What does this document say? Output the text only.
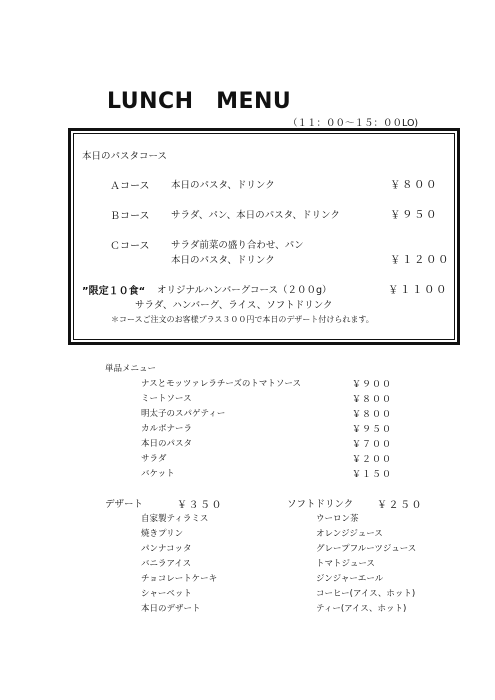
LUNCH　MENU
（１１：００～１５：００LO)
本日のパスタコース
Ａコース 本日のパスタ、ドリンク	￥８００
Ｂコース サラダ、パン、本日のパスタ、ドリンク	￥９５０
Ｃコース サラダ前菜の盛り合わせ、パン
本日のパスタ、ドリンク	￥１２００
”限定１０食“ オリジナルハンバーグコース（２００g）	￥１１００
サラダ、ハンバーグ、ライス、ソフトドリンク
＊コースご注文のお客様プラス３００円で本日のデザート付けられます。
単品メニュー
ナスとモッツァレラチーズのトマトソース	￥９００
ミートソース	￥８００
明太子のスパゲティー	￥８００
カルボナーラ	￥９５０
本日のパスタ	￥７００
サラダ	￥２００
バケット	￥１５０
デザート	￥３５０
自家製ティラミス
焼きプリン
パンナコッタ
バニラアイス
チョコレートケーキ
シャーベット
本日のデザート
ソフトドリンク ￥２５０
ウーロン茶
オレンジジュース
グレープフルーツジュース
トマトジュース
ジンジャーエール
コーヒー(アイス、ホット)
ティー(アイス、ホット)
